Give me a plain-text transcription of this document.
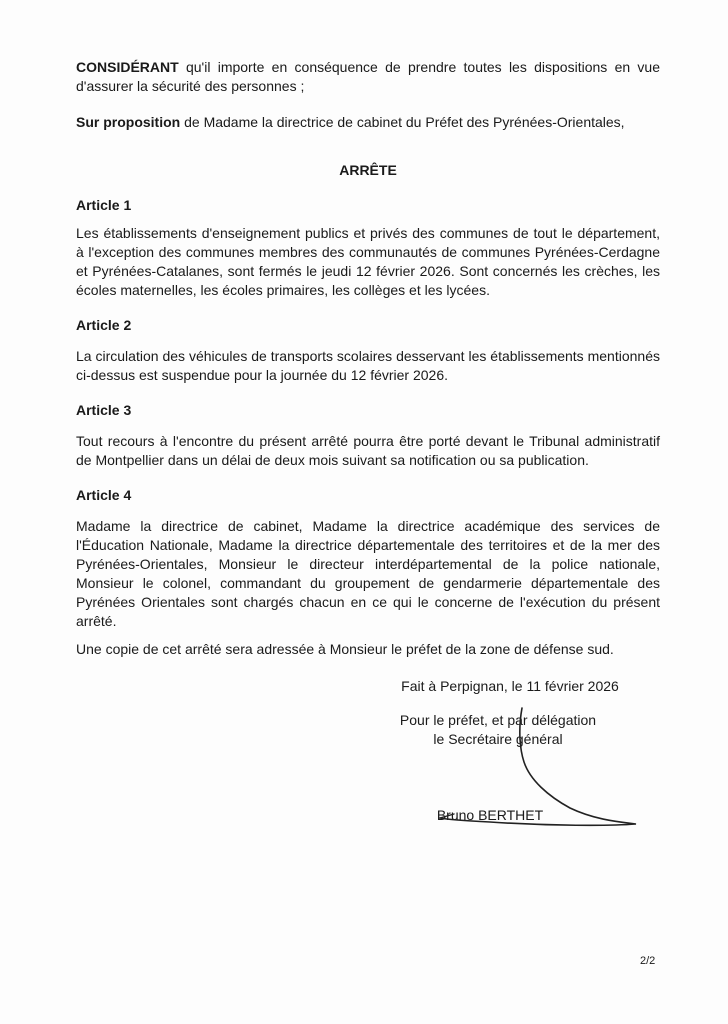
CONSIDÉRANT qu'il importe en conséquence de prendre toutes les dispositions en vue d'assurer la sécurité des personnes ;

Sur proposition de Madame la directrice de cabinet du Préfet des Pyrénées-Orientales,

ARRÊTE

Article 1

Les établissements d'enseignement publics et privés des communes de tout le département, à l'exception des communes membres des communautés de communes Pyrénées-Cerdagne et Pyrénées-Catalanes, sont fermés le jeudi 12 février 2026. Sont concernés les crèches, les écoles maternelles, les écoles primaires, les collèges et les lycées.

Article 2

La circulation des véhicules de transports scolaires desservant les établissements mentionnés ci-dessus est suspendue pour la journée du 12 février 2026.

Article 3

Tout recours à l'encontre du présent arrêté pourra être porté devant le Tribunal administratif de Montpellier dans un délai de deux mois suivant sa notification ou sa publication.

Article 4

Madame la directrice de cabinet, Madame la directrice académique des services de l'Éducation Nationale, Madame la directrice départementale des territoires et de la mer des Pyrénées-Orientales, Monsieur le directeur interdépartemental de la police nationale, Monsieur le colonel, commandant du groupement de gendarmerie départementale des Pyrénées Orientales sont chargés chacun en ce qui le concerne de l'exécution du présent arrêté.

Une copie de cet arrêté sera adressée à Monsieur le préfet de la zone de défense sud.

Fait à Perpignan, le 11 février 2026
Pour le préfet, et par délégation
le Secrétaire général
Bruno BERTHET
2/2
